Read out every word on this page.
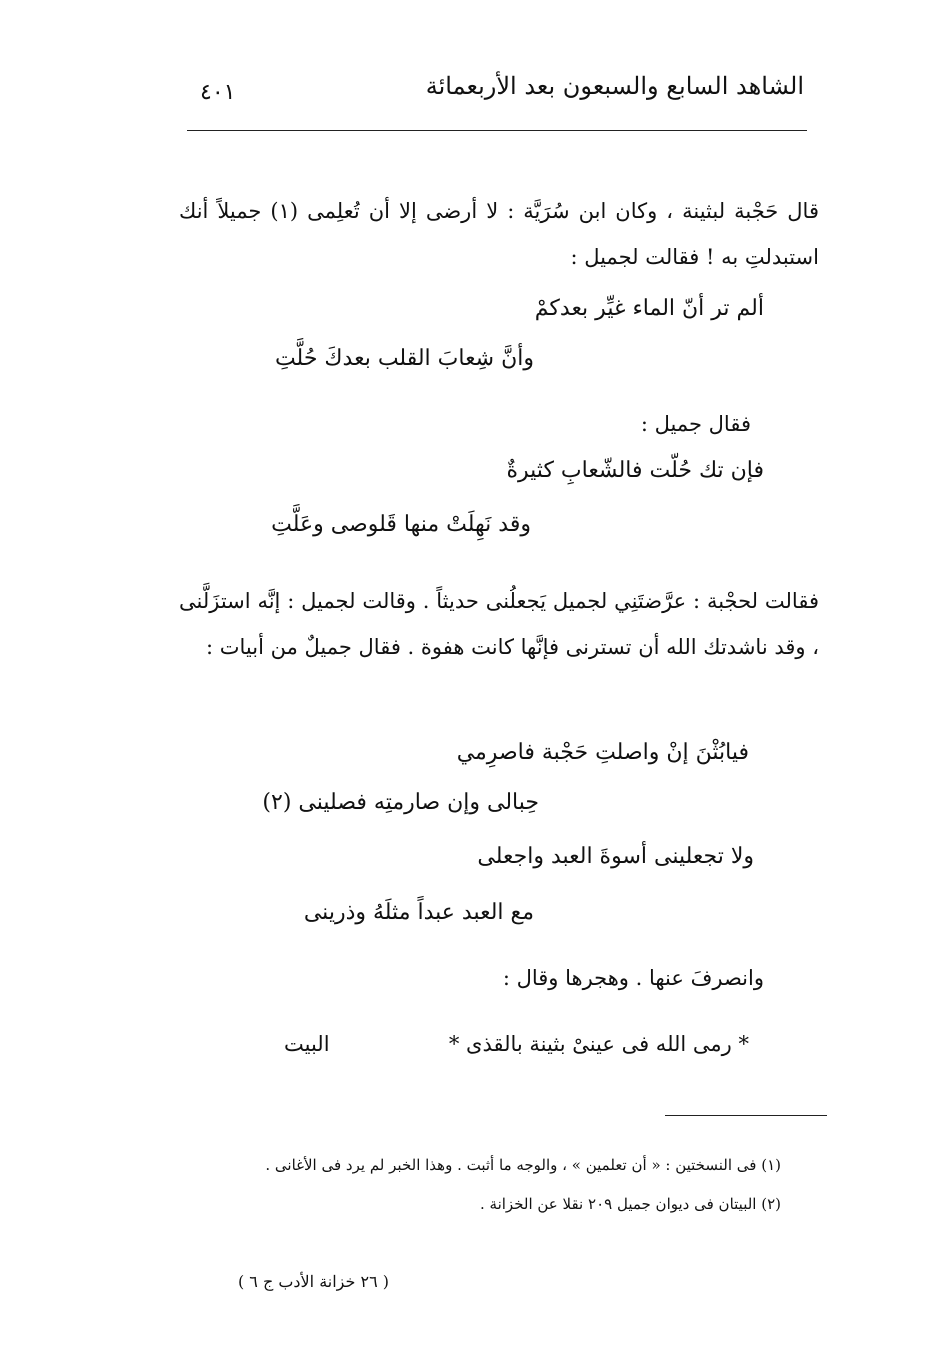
الشاهد السابع والسبعون بعد الأربعمائة
٤٠١
قال حَجْبة لبثينة ، وكان ابن سُرَيَّة : لا أرضى إلا أن تُعلِمى (١) جميلاً أنك استبدلتِ به ! فقالت لجميل :
ألم تر أنّ الماء غيِّر بعدكمْ
وأنَّ شِعابَ القلب بعدكَ حُلَّتِ
فقال جميل :
فإن تك حُلّت فالشّعابِ كثيرةٌ
وقد نَهِلَتْ منها قَلوصى وعَلَّتِ
فقالت لحجْبة : عرَّضتَنِي لجميل يَجعلُنى حديثاً . وقالت لجميل : إنَّه استزَلَّنى ، وقد ناشدتك الله أن تسترنى فإنَّها كانت هفوة . فقال جميلٌ من أبيات :
فيابُثْنَ إنْ واصلتِ حَجْبة فاصرِمي
حِبالى وإن صارمتِه فصلينى (٢)
ولا تجعلينى أسوةَ العبد واجعلى
مع العبد عبداً مثلَهُ وذرينى
وانصرفَ عنها . وهجرها وقال :
* رمى الله فى عينىْ بثينة بالقذى *
البيت
(١) فى النسختين : « أن تعلمين » ، والوجه ما أثبت . وهذا الخبر لم يرد فى الأغانى .
(٢) البيتان فى ديوان جميل ٢٠٩ نقلا عن الخزانة .
( ٢٦ خزانة الأدب ج ٦ )
